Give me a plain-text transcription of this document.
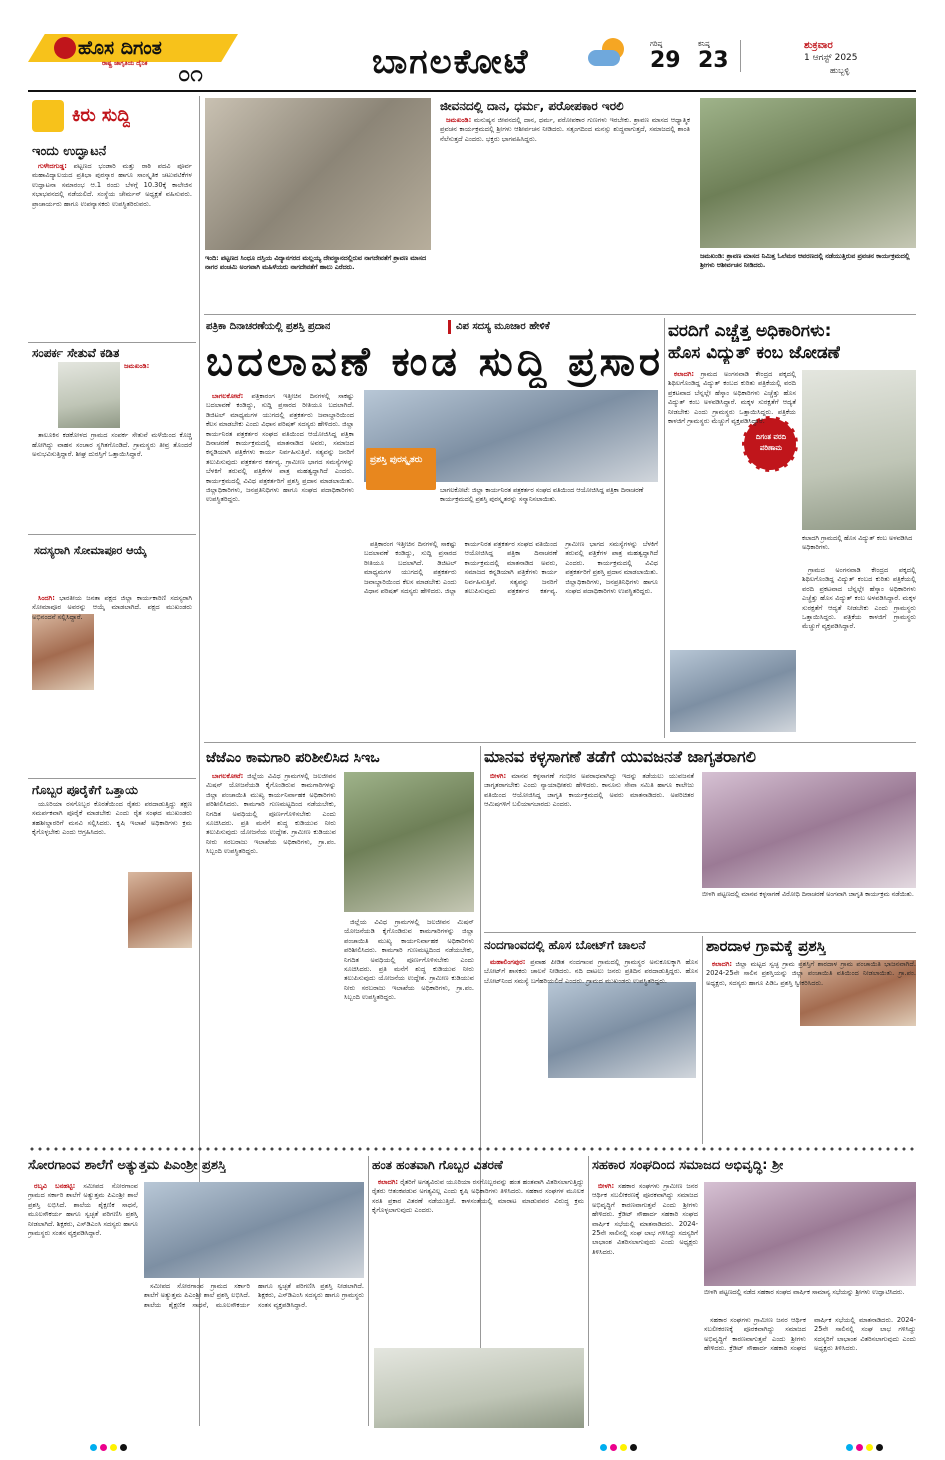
ಹೊಸ ದಿಗಂತ
ರಾಷ್ಟ್ರ ಜಾಗೃತಿಯ ದೈನಿಕ ೦೧	ಬಾಗಲಕೋಟೆ	ಗರಿಷ್ಠ
29
ಕನಿಷ್ಠ
23
ಶುಕ್ರವಾರ
1 ಆಗಸ್ಟ್ 2025
ಹುಬ್ಬಳ್ಳಿ
ಕಿರು ಸುದ್ದಿ
ಇಂದು ಉದ್ಘಾಟನೆ

ಗುಳೇದಗುಡ್ಡ: ಪಟ್ಟಣದ ಭಂಡಾರಿ ಮತ್ತು ರಾಠಿ ಪದವಿ ಪೂರ್ವ ಮಹಾವಿದ್ಯಾಲಯದ ಪ್ರತಿಭಾ ಪುರಸ್ಕಾರ ಹಾಗೂ ಸಾಂಸ್ಕೃತಿಕ ಚಟುವಟಿಕೆಗಳ ಉದ್ಘಾಟನಾ ಸಮಾರಂಭ ಆ.1 ರಂದು ಬೆಳಗ್ಗೆ 10.30ಕ್ಕೆ ಕಾಲೇಜಿನ ಸಭಾಭವನದಲ್ಲಿ ನಡೆಯಲಿದೆ. ಸಂಸ್ಥೆಯ ಚೇರ್ಮನ್ ಅಧ್ಯಕ್ಷತೆ ವಹಿಸುವರು. ಪ್ರಾಚಾರ್ಯರು ಹಾಗೂ ಉಪನ್ಯಾಸಕರು ಉಪಸ್ಥಿತರಿರುವರು.

ಸಂಪರ್ಕ ಸೇತುವೆ ಕಡಿತ

ಜಮಖಂಡಿ:

ತಾಲೂಕಿನ ಕಡಕೋಳದ ಗ್ರಾಮದ ಸಂಪರ್ಕ ಸೇತುವೆ ಮಳೆಯಿಂದ ಕೊಚ್ಚಿ ಹೋಗಿದ್ದು ವಾಹನ ಸಂಚಾರ ಸ್ಥಗಿತಗೊಂಡಿದೆ. ಗ್ರಾಮಸ್ಥರು ತೀವ್ರ ತೊಂದರೆ ಅನುಭವಿಸುತ್ತಿದ್ದಾರೆ. ಶೀಘ್ರ ದುರಸ್ತಿಗೆ ಒತ್ತಾಯಿಸಿದ್ದಾರೆ.

ಸದಸ್ಯರಾಗಿ ಸೋಮಾಪೂರ ಆಯ್ಕೆ

ಸಿಂದಗಿ: ಭಾರತೀಯ ಜನತಾ ಪಕ್ಷದ ಜಿಲ್ಲಾ ಕಾರ್ಯಕಾರಿಣಿ ಸದಸ್ಯರಾಗಿ ಸೋಮಾಪೂರ ಅವರನ್ನು ಆಯ್ಕೆ ಮಾಡಲಾಗಿದೆ. ಪಕ್ಷದ ಮುಖಂಡರು ಅಭಿನಂದನೆ ಸಲ್ಲಿಸಿದ್ದಾರೆ.

ಗೊಬ್ಬರ ಪೂರೈಕೆಗೆ ಒತ್ತಾಯ

ಯೂರಿಯಾ ರಸಗೊಬ್ಬರ ಕೊರತೆಯಿಂದ ರೈತರು ಪರದಾಡುತ್ತಿದ್ದು ತಕ್ಷಣ ಸಮರ್ಪಕವಾಗಿ ಪೂರೈಕೆ ಮಾಡಬೇಕು ಎಂದು ರೈತ ಸಂಘದ ಮುಖಂಡರು ತಹಶೀಲ್ದಾರರಿಗೆ ಮನವಿ ಸಲ್ಲಿಸಿದರು. ಕೃಷಿ ಇಲಾಖೆ ಅಧಿಕಾರಿಗಳು ಕ್ರಮ ಕೈಗೊಳ್ಳಬೇಕು ಎಂದು ಆಗ್ರಹಿಸಿದರು.

ಇಂದಿ: ಪಟ್ಟಣದ ಸಿಂಧೂ ದಸ್ತಿಯ ವಿದ್ಯಾನಗರದ ಮಲ್ಲಯ್ಯ ದೇವಸ್ಥಾನದಲ್ಲಿರುವ ನಾಗದೇವತೆಗೆ ಶ್ರಾವಣ ಮಾಸದ ನಾಗರ ಪಂಚಮಿ ಅಂಗವಾಗಿ ಮಹಿಳೆಯರು ನಾಗದೇವತೆಗೆ ಹಾಲು ಎರೆದರು.
ಜೀವನದಲ್ಲಿ ದಾನ, ಧರ್ಮ, ಪರೋಪಕಾರ ಇರಲಿ

ಜಮಖಂಡಿ: ಮನುಷ್ಯನ ಜೀವನದಲ್ಲಿ ದಾನ, ಧರ್ಮ, ಪರೋಪಕಾರ ಗುಣಗಳು ಇರಬೇಕು. ಶ್ರಾವಣ ಮಾಸದ ಆಧ್ಯಾತ್ಮಿಕ ಪ್ರವಚನ ಕಾರ್ಯಕ್ರಮದಲ್ಲಿ ಶ್ರೀಗಳು ಆಶೀರ್ವಚನ ನೀಡಿದರು. ಸತ್ಸಂಗದಿಂದ ಮನಸ್ಸು ಶುದ್ಧವಾಗುತ್ತದೆ, ಸಮಾಜದಲ್ಲಿ ಶಾಂತಿ ನೆಲೆಸುತ್ತದೆ ಎಂದರು. ಭಕ್ತರು ಭಾಗವಹಿಸಿದ್ದರು.

ಜಮಖಂಡಿ: ಶ್ರಾವಣ ಮಾಸದ ನಿಮಿತ್ತ ಓಲೆಮಠ ಆವರಣದಲ್ಲಿ ನಡೆಯುತ್ತಿರುವ ಪ್ರವಚನ ಕಾರ್ಯಕ್ರಮದಲ್ಲಿ ಶ್ರೀಗಳು ಆಶೀರ್ವಚನ ನೀಡಿದರು.
ಪತ್ರಿಕಾ ದಿನಾಚರಣೆಯಲ್ಲಿ ಪ್ರಶಸ್ತಿ ಪ್ರದಾನ	ವಿಪ ಸದಸ್ಯ ಮೂಜಾರ ಹೇಳಿಕೆ
ಬದಲಾವಣೆ ಕಂಡ ಸುದ್ದಿ ಪ್ರಸಾರ

ಬಾಗಲಕೋಟೆ: ಪತ್ರಿಕಾರಂಗ ಇತ್ತೀಚಿನ ದಿನಗಳಲ್ಲಿ ಸಾಕಷ್ಟು ಬದಲಾವಣೆ ಕಂಡಿದ್ದು, ಸುದ್ದಿ ಪ್ರಸಾರದ ರೀತಿಯೂ ಬದಲಾಗಿದೆ. ಡಿಜಿಟಲ್ ಮಾಧ್ಯಮಗಳ ಯುಗದಲ್ಲಿ ಪತ್ರಕರ್ತರು ಜವಾಬ್ದಾರಿಯಿಂದ ಕೆಲಸ ಮಾಡಬೇಕು ಎಂದು ವಿಧಾನ ಪರಿಷತ್ ಸದಸ್ಯರು ಹೇಳಿದರು. ಜಿಲ್ಲಾ ಕಾರ್ಯನಿರತ ಪತ್ರಕರ್ತರ ಸಂಘದ ವತಿಯಿಂದ ಆಯೋಜಿಸಿದ್ದ ಪತ್ರಿಕಾ ದಿನಾಚರಣೆ ಕಾರ್ಯಕ್ರಮದಲ್ಲಿ ಮಾತನಾಡಿದ ಅವರು, ಸಮಾಜದ ಕನ್ನಡಿಯಾಗಿ ಪತ್ರಿಕೆಗಳು ಕಾರ್ಯ ನಿರ್ವಹಿಸುತ್ತಿವೆ. ಸತ್ಯವನ್ನು ಜನರಿಗೆ ತಲುಪಿಸುವುದು ಪತ್ರಕರ್ತರ ಕರ್ತವ್ಯ. ಗ್ರಾಮೀಣ ಭಾಗದ ಸಮಸ್ಯೆಗಳನ್ನು ಬೆಳಕಿಗೆ ತರುವಲ್ಲಿ ಪತ್ರಿಕೆಗಳ ಪಾತ್ರ ಮಹತ್ವದ್ದಾಗಿದೆ ಎಂದರು. ಕಾರ್ಯಕ್ರಮದಲ್ಲಿ ವಿವಿಧ ಪತ್ರಕರ್ತರಿಗೆ ಪ್ರಶಸ್ತಿ ಪ್ರದಾನ ಮಾಡಲಾಯಿತು. ಜಿಲ್ಲಾಧಿಕಾರಿಗಳು, ಜನಪ್ರತಿನಿಧಿಗಳು ಹಾಗೂ ಸಂಘದ ಪದಾಧಿಕಾರಿಗಳು ಉಪಸ್ಥಿತರಿದ್ದರು.

ಪ್ರಶಸ್ತಿ ಪುರಸ್ಕೃತರು
ಬಾಗಲಕೋಟೆ: ಜಿಲ್ಲಾ ಕಾರ್ಯನಿರತ ಪತ್ರಕರ್ತರ ಸಂಘದ ವತಿಯಿಂದ ಆಯೋಜಿಸಿದ್ದ ಪತ್ರಿಕಾ ದಿನಾಚರಣೆ ಕಾರ್ಯಕ್ರಮದಲ್ಲಿ ಪ್ರಶಸ್ತಿ ಪುರಸ್ಕೃತರನ್ನು ಸನ್ಮಾನಿಸಲಾಯಿತು.

ಪತ್ರಿಕಾರಂಗ ಇತ್ತೀಚಿನ ದಿನಗಳಲ್ಲಿ ಸಾಕಷ್ಟು ಬದಲಾವಣೆ ಕಂಡಿದ್ದು, ಸುದ್ದಿ ಪ್ರಸಾರದ ರೀತಿಯೂ ಬದಲಾಗಿದೆ. ಡಿಜಿಟಲ್ ಮಾಧ್ಯಮಗಳ ಯುಗದಲ್ಲಿ ಪತ್ರಕರ್ತರು ಜವಾಬ್ದಾರಿಯಿಂದ ಕೆಲಸ ಮಾಡಬೇಕು ಎಂದು ವಿಧಾನ ಪರಿಷತ್ ಸದಸ್ಯರು ಹೇಳಿದರು. ಜಿಲ್ಲಾ ಕಾರ್ಯನಿರತ ಪತ್ರಕರ್ತರ ಸಂಘದ ವತಿಯಿಂದ ಆಯೋಜಿಸಿದ್ದ ಪತ್ರಿಕಾ ದಿನಾಚರಣೆ ಕಾರ್ಯಕ್ರಮದಲ್ಲಿ ಮಾತನಾಡಿದ ಅವರು, ಸಮಾಜದ ಕನ್ನಡಿಯಾಗಿ ಪತ್ರಿಕೆಗಳು ಕಾರ್ಯ ನಿರ್ವಹಿಸುತ್ತಿವೆ. ಸತ್ಯವನ್ನು ಜನರಿಗೆ ತಲುಪಿಸುವುದು ಪತ್ರಕರ್ತರ ಕರ್ತವ್ಯ. ಗ್ರಾಮೀಣ ಭಾಗದ ಸಮಸ್ಯೆಗಳನ್ನು ಬೆಳಕಿಗೆ ತರುವಲ್ಲಿ ಪತ್ರಿಕೆಗಳ ಪಾತ್ರ ಮಹತ್ವದ್ದಾಗಿದೆ ಎಂದರು. ಕಾರ್ಯಕ್ರಮದಲ್ಲಿ ವಿವಿಧ ಪತ್ರಕರ್ತರಿಗೆ ಪ್ರಶಸ್ತಿ ಪ್ರದಾನ ಮಾಡಲಾಯಿತು. ಜಿಲ್ಲಾಧಿಕಾರಿಗಳು, ಜನಪ್ರತಿನಿಧಿಗಳು ಹಾಗೂ ಸಂಘದ ಪದಾಧಿಕಾರಿಗಳು ಉಪಸ್ಥಿತರಿದ್ದರು.

ವರದಿಗೆ ಎಚ್ಚೆತ್ತ ಅಧಿಕಾರಿಗಳು:
ಹೊಸ ವಿದ್ಯುತ್ ಕಂಬ ಜೋಡಣೆ
ದಿಗಂತ ವರದಿ ಪರಿಣಾಮ

ಕಲಾದಗಿ: ಗ್ರಾಮದ ಅಂಗನವಾಡಿ ಕೇಂದ್ರದ ಪಕ್ಕದಲ್ಲಿ ಶಿಥಿಲಗೊಂಡಿದ್ದ ವಿದ್ಯುತ್ ಕಂಬದ ಕುರಿತು ಪತ್ರಿಕೆಯಲ್ಲಿ ವರದಿ ಪ್ರಕಟವಾದ ಬೆನ್ನಲ್ಲೇ ಹೆಸ್ಕಾಂ ಅಧಿಕಾರಿಗಳು ಎಚ್ಚೆತ್ತು ಹೊಸ ವಿದ್ಯುತ್ ಕಂಬ ಅಳವಡಿಸಿದ್ದಾರೆ. ಮಕ್ಕಳ ಸುರಕ್ಷತೆಗೆ ಆದ್ಯತೆ ನೀಡಬೇಕು ಎಂದು ಗ್ರಾಮಸ್ಥರು ಒತ್ತಾಯಿಸಿದ್ದರು. ಪತ್ರಿಕೆಯ ಕಾಳಜಿಗೆ ಗ್ರಾಮಸ್ಥರು ಮೆಚ್ಚುಗೆ ವ್ಯಕ್ತಪಡಿಸಿದ್ದಾರೆ.

ಕಲಾದಗಿ ಗ್ರಾಮದಲ್ಲಿ ಹೊಸ ವಿದ್ಯುತ್ ಕಂಬ ಅಳವಡಿಸಿದ ಅಧಿಕಾರಿಗಳು.

ಗ್ರಾಮದ ಅಂಗನವಾಡಿ ಕೇಂದ್ರದ ಪಕ್ಕದಲ್ಲಿ ಶಿಥಿಲಗೊಂಡಿದ್ದ ವಿದ್ಯುತ್ ಕಂಬದ ಕುರಿತು ಪತ್ರಿಕೆಯಲ್ಲಿ ವರದಿ ಪ್ರಕಟವಾದ ಬೆನ್ನಲ್ಲೇ ಹೆಸ್ಕಾಂ ಅಧಿಕಾರಿಗಳು ಎಚ್ಚೆತ್ತು ಹೊಸ ವಿದ್ಯುತ್ ಕಂಬ ಅಳವಡಿಸಿದ್ದಾರೆ. ಮಕ್ಕಳ ಸುರಕ್ಷತೆಗೆ ಆದ್ಯತೆ ನೀಡಬೇಕು ಎಂದು ಗ್ರಾಮಸ್ಥರು ಒತ್ತಾಯಿಸಿದ್ದರು. ಪತ್ರಿಕೆಯ ಕಾಳಜಿಗೆ ಗ್ರಾಮಸ್ಥರು ಮೆಚ್ಚುಗೆ ವ್ಯಕ್ತಪಡಿಸಿದ್ದಾರೆ.

ಜೆಜೆಎಂ ಕಾಮಗಾರಿ ಪರಿಶೀಲಿಸಿದ ಸಿಇಒ

ಬಾಗಲಕೋಟೆ: ಜಿಲ್ಲೆಯ ವಿವಿಧ ಗ್ರಾಮಗಳಲ್ಲಿ ಜಲಜೀವನ ಮಿಷನ್ ಯೋಜನೆಯಡಿ ಕೈಗೊಂಡಿರುವ ಕಾಮಗಾರಿಗಳನ್ನು ಜಿಲ್ಲಾ ಪಂಚಾಯಿತಿ ಮುಖ್ಯ ಕಾರ್ಯನಿರ್ವಾಹಕ ಅಧಿಕಾರಿಗಳು ಪರಿಶೀಲಿಸಿದರು. ಕಾಮಗಾರಿ ಗುಣಮಟ್ಟದಿಂದ ನಡೆಯಬೇಕು, ನಿಗದಿತ ಅವಧಿಯಲ್ಲಿ ಪೂರ್ಣಗೊಳಿಸಬೇಕು ಎಂದು ಸೂಚಿಸಿದರು. ಪ್ರತಿ ಮನೆಗೆ ಶುದ್ಧ ಕುಡಿಯುವ ನೀರು ತಲುಪಿಸುವುದು ಯೋಜನೆಯ ಉದ್ದೇಶ. ಗ್ರಾಮೀಣ ಕುಡಿಯುವ ನೀರು ಸರಬರಾಜು ಇಲಾಖೆಯ ಅಧಿಕಾರಿಗಳು, ಗ್ರಾ.ಪಂ. ಸಿಬ್ಬಂದಿ ಉಪಸ್ಥಿತರಿದ್ದರು.

ಜಿಲ್ಲೆಯ ವಿವಿಧ ಗ್ರಾಮಗಳಲ್ಲಿ ಜಲಜೀವನ ಮಿಷನ್ ಯೋಜನೆಯಡಿ ಕೈಗೊಂಡಿರುವ ಕಾಮಗಾರಿಗಳನ್ನು ಜಿಲ್ಲಾ ಪಂಚಾಯಿತಿ ಮುಖ್ಯ ಕಾರ್ಯನಿರ್ವಾಹಕ ಅಧಿಕಾರಿಗಳು ಪರಿಶೀಲಿಸಿದರು. ಕಾಮಗಾರಿ ಗುಣಮಟ್ಟದಿಂದ ನಡೆಯಬೇಕು, ನಿಗದಿತ ಅವಧಿಯಲ್ಲಿ ಪೂರ್ಣಗೊಳಿಸಬೇಕು ಎಂದು ಸೂಚಿಸಿದರು. ಪ್ರತಿ ಮನೆಗೆ ಶುದ್ಧ ಕುಡಿಯುವ ನೀರು ತಲುಪಿಸುವುದು ಯೋಜನೆಯ ಉದ್ದೇಶ. ಗ್ರಾಮೀಣ ಕುಡಿಯುವ ನೀರು ಸರಬರಾಜು ಇಲಾಖೆಯ ಅಧಿಕಾರಿಗಳು, ಗ್ರಾ.ಪಂ. ಸಿಬ್ಬಂದಿ ಉಪಸ್ಥಿತರಿದ್ದರು.

ಮಾನವ ಕಳ್ಳಸಾಗಣೆ ತಡೆಗೆ ಯುವಜನತೆ ಜಾಗೃತರಾಗಲಿ

ಬೀಳಗಿ: ಮಾನವ ಕಳ್ಳಸಾಗಣೆ ಗಂಭೀರ ಅಪರಾಧವಾಗಿದ್ದು ಇದನ್ನು ತಡೆಯಲು ಯುವಜನತೆ ಜಾಗೃತರಾಗಬೇಕು ಎಂದು ನ್ಯಾಯಾಧೀಶರು ಹೇಳಿದರು. ಕಾನೂನು ಸೇವಾ ಸಮಿತಿ ಹಾಗೂ ಕಾಲೇಜು ವತಿಯಿಂದ ಆಯೋಜಿಸಿದ್ದ ಜಾಗೃತಿ ಕಾರ್ಯಕ್ರಮದಲ್ಲಿ ಅವರು ಮಾತನಾಡಿದರು. ಅಪರಿಚಿತರ ಆಮಿಷಗಳಿಗೆ ಬಲಿಯಾಗಬಾರದು ಎಂದರು.

ಬೀಳಗಿ ಪಟ್ಟಣದಲ್ಲಿ ಮಾನವ ಕಳ್ಳಸಾಗಣೆ ವಿರೋಧಿ ದಿನಾಚರಣೆ ಅಂಗವಾಗಿ ಜಾಗೃತಿ ಕಾರ್ಯಕ್ರಮ ನಡೆಯಿತು.
ನಂದಗಾಂವದಲ್ಲಿ ಹೊಸ ಬೋಟ್‌ಗೆ ಚಾಲನೆ

ಮಹಾಲಿಂಗಪುರ: ಪ್ರವಾಹ ಪೀಡಿತ ನಂದಗಾಂವ ಗ್ರಾಮದಲ್ಲಿ ಗ್ರಾಮಸ್ಥರ ಅನುಕೂಲಕ್ಕಾಗಿ ಹೊಸ ಬೋಟ್‌ಗೆ ಶಾಸಕರು ಚಾಲನೆ ನೀಡಿದರು. ನದಿ ದಾಟಲು ಜನರು ಪ್ರತಿದಿನ ಪರದಾಡುತ್ತಿದ್ದರು. ಹೊಸ ಬೋಟ್‌ನಿಂದ ಸಮಸ್ಯೆ ಬಗೆಹರಿಯಲಿದೆ ಎಂದರು. ಗ್ರಾಮದ ಮುಖಂಡರು ಉಪಸ್ಥಿತರಿದ್ದರು.

ಶಾರದಾಳ ಗ್ರಾಮಕ್ಕೆ ಪ್ರಶಸ್ತಿ

ಕಲಾದಗಿ: ಜಿಲ್ಲಾ ಮಟ್ಟದ ಸ್ವಚ್ಛ ಗ್ರಾಮ ಪ್ರಶಸ್ತಿಗೆ ಶಾರದಾಳ ಗ್ರಾಮ ಪಂಚಾಯಿತಿ ಭಾಜನವಾಗಿದೆ. 2024-25ನೇ ಸಾಲಿನ ಪ್ರಶಸ್ತಿಯನ್ನು ಜಿಲ್ಲಾ ಪಂಚಾಯಿತಿ ವತಿಯಿಂದ ನೀಡಲಾಯಿತು. ಗ್ರಾ.ಪಂ. ಅಧ್ಯಕ್ಷರು, ಸದಸ್ಯರು ಹಾಗೂ ಪಿಡಿಒ ಪ್ರಶಸ್ತಿ ಸ್ವೀಕರಿಸಿದರು.

ಸೋರಗಾಂವ ಶಾಲೆಗೆ ಅತ್ಯುತ್ತಮ ಪಿಎಂಶ್ರೀ ಪ್ರಶಸ್ತಿ

ರಬ್ಕವಿ ಬನಹಟ್ಟಿ: ಸಮೀಪದ ಸೋರಗಾಂವ ಗ್ರಾಮದ ಸರ್ಕಾರಿ ಶಾಲೆಗೆ ಅತ್ಯುತ್ತಮ ಪಿಎಂಶ್ರೀ ಶಾಲೆ ಪ್ರಶಸ್ತಿ ಲಭಿಸಿದೆ. ಶಾಲೆಯ ಶೈಕ್ಷಣಿಕ ಸಾಧನೆ, ಮೂಲಸೌಕರ್ಯ ಹಾಗೂ ಸ್ವಚ್ಛತೆ ಪರಿಗಣಿಸಿ ಪ್ರಶಸ್ತಿ ನೀಡಲಾಗಿದೆ. ಶಿಕ್ಷಕರು, ಎಸ್‌ಡಿಎಂಸಿ ಸದಸ್ಯರು ಹಾಗೂ ಗ್ರಾಮಸ್ಥರು ಸಂತಸ ವ್ಯಕ್ತಪಡಿಸಿದ್ದಾರೆ.

ಸಮೀಪದ ಸೋರಗಾಂವ ಗ್ರಾಮದ ಸರ್ಕಾರಿ ಶಾಲೆಗೆ ಅತ್ಯುತ್ತಮ ಪಿಎಂಶ್ರೀ ಶಾಲೆ ಪ್ರಶಸ್ತಿ ಲಭಿಸಿದೆ. ಶಾಲೆಯ ಶೈಕ್ಷಣಿಕ ಸಾಧನೆ, ಮೂಲಸೌಕರ್ಯ ಹಾಗೂ ಸ್ವಚ್ಛತೆ ಪರಿಗಣಿಸಿ ಪ್ರಶಸ್ತಿ ನೀಡಲಾಗಿದೆ. ಶಿಕ್ಷಕರು, ಎಸ್‌ಡಿಎಂಸಿ ಸದಸ್ಯರು ಹಾಗೂ ಗ್ರಾಮಸ್ಥರು ಸಂತಸ ವ್ಯಕ್ತಪಡಿಸಿದ್ದಾರೆ.

ಹಂತ ಹಂತವಾಗಿ ಗೊಬ್ಬರ ವಿತರಣೆ

ಕಲಾದಗಿ: ರೈತರಿಗೆ ಅಗತ್ಯವಿರುವ ಯೂರಿಯಾ ರಸಗೊಬ್ಬರವನ್ನು ಹಂತ ಹಂತವಾಗಿ ವಿತರಿಸಲಾಗುತ್ತಿದ್ದು ರೈತರು ಆತಂಕಪಡುವ ಅಗತ್ಯವಿಲ್ಲ ಎಂದು ಕೃಷಿ ಅಧಿಕಾರಿಗಳು ತಿಳಿಸಿದರು. ಸಹಕಾರ ಸಂಘಗಳ ಮೂಲಕ ಸರತಿ ಪ್ರಕಾರ ವಿತರಣೆ ನಡೆಯುತ್ತಿದೆ. ಕಾಳಸಂತೆಯಲ್ಲಿ ಮಾರಾಟ ಮಾಡುವವರ ವಿರುದ್ಧ ಕ್ರಮ ಕೈಗೊಳ್ಳಲಾಗುವುದು ಎಂದರು.

ಸಹಕಾರ ಸಂಘದಿಂದ ಸಮಾಜದ ಅಭಿವೃದ್ಧಿ: ಶ್ರೀ

ಬೀಳಗಿ: ಸಹಕಾರ ಸಂಘಗಳು ಗ್ರಾಮೀಣ ಜನರ ಆರ್ಥಿಕ ಸಬಲೀಕರಣಕ್ಕೆ ಪೂರಕವಾಗಿದ್ದು ಸಮಾಜದ ಅಭಿವೃದ್ಧಿಗೆ ಕಾರಣವಾಗುತ್ತವೆ ಎಂದು ಶ್ರೀಗಳು ಹೇಳಿದರು. ಕ್ರೆಡಿಟ್ ಸೌಹಾರ್ದ ಸಹಕಾರಿ ಸಂಘದ ವಾರ್ಷಿಕ ಸಭೆಯಲ್ಲಿ ಮಾತನಾಡಿದರು. 2024-25ನೇ ಸಾಲಿನಲ್ಲಿ ಸಂಘ ಲಾಭ ಗಳಿಸಿದ್ದು ಸದಸ್ಯರಿಗೆ ಲಾಭಾಂಶ ವಿತರಿಸಲಾಗುವುದು ಎಂದು ಅಧ್ಯಕ್ಷರು ತಿಳಿಸಿದರು.

ಬೀಳಗಿ ಪಟ್ಟಣದಲ್ಲಿ ನಡೆದ ಸಹಕಾರ ಸಂಘದ ವಾರ್ಷಿಕ ಸಾಮಾನ್ಯ ಸಭೆಯನ್ನು ಶ್ರೀಗಳು ಉದ್ಘಾಟಿಸಿದರು.

ಸಹಕಾರ ಸಂಘಗಳು ಗ್ರಾಮೀಣ ಜನರ ಆರ್ಥಿಕ ಸಬಲೀಕರಣಕ್ಕೆ ಪೂರಕವಾಗಿದ್ದು ಸಮಾಜದ ಅಭಿವೃದ್ಧಿಗೆ ಕಾರಣವಾಗುತ್ತವೆ ಎಂದು ಶ್ರೀಗಳು ಹೇಳಿದರು. ಕ್ರೆಡಿಟ್ ಸೌಹಾರ್ದ ಸಹಕಾರಿ ಸಂಘದ ವಾರ್ಷಿಕ ಸಭೆಯಲ್ಲಿ ಮಾತನಾಡಿದರು. 2024-25ನೇ ಸಾಲಿನಲ್ಲಿ ಸಂಘ ಲಾಭ ಗಳಿಸಿದ್ದು ಸದಸ್ಯರಿಗೆ ಲಾಭಾಂಶ ವಿತರಿಸಲಾಗುವುದು ಎಂದು ಅಧ್ಯಕ್ಷರು ತಿಳಿಸಿದರು.
